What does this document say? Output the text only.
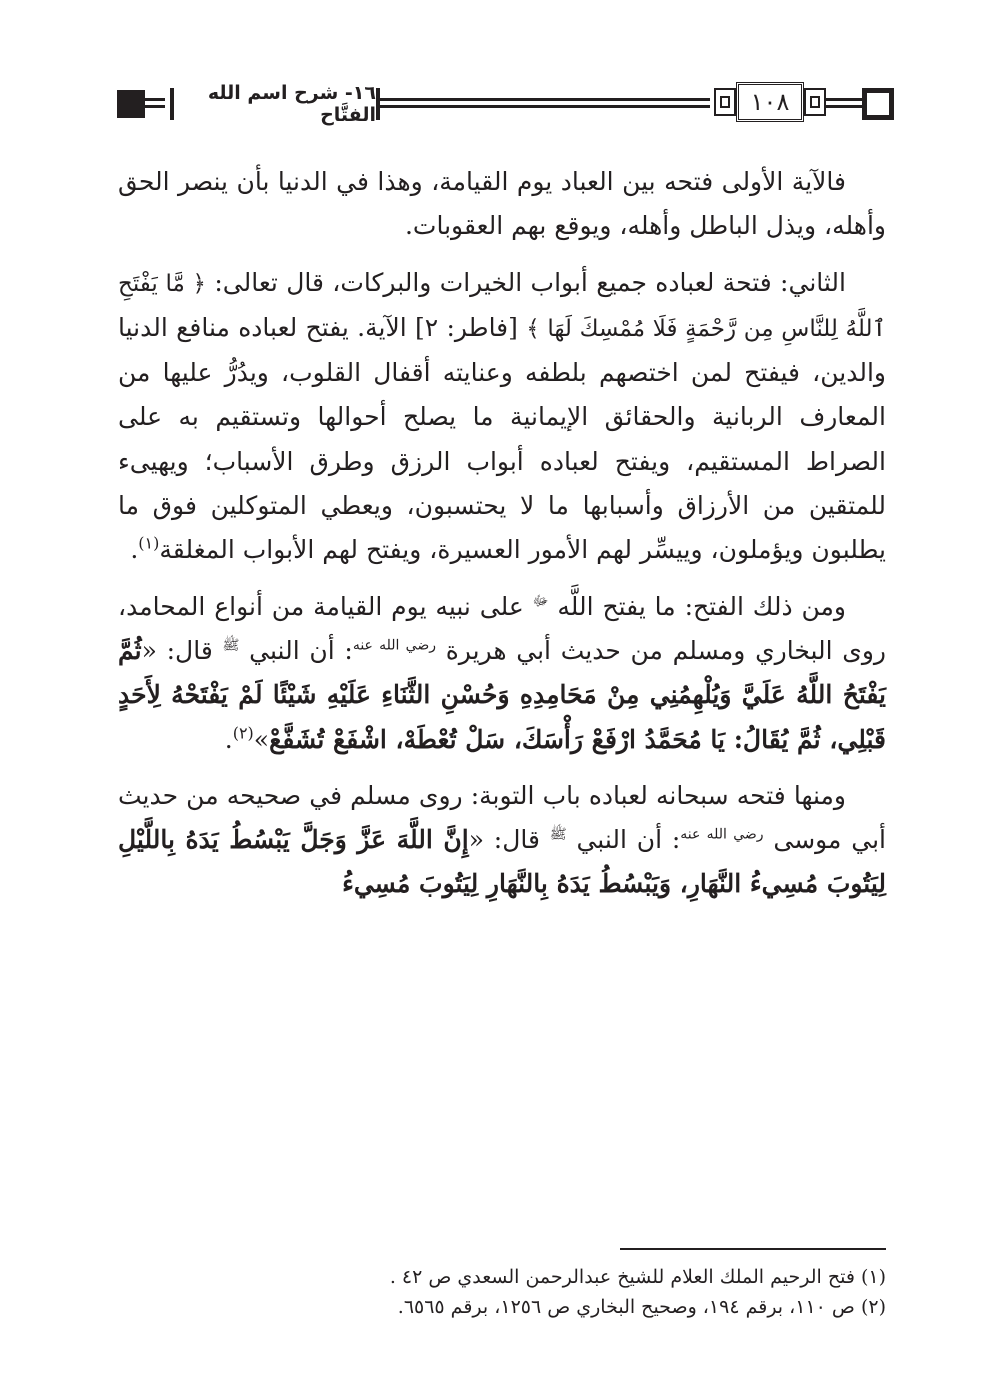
١٦- شرح اسم الله الفتَّاح	١٠٨

فالآية الأولى فتحه بين العباد يوم القيامة، وهذا في الدنيا بأن ينصر الحق وأهله، ويذل الباطل وأهله، ويوقع بهم العقوبات.

الثاني: فتحة لعباده جميع أبواب الخيرات والبركات، قال تعالى: ﴿ مَّا يَفْتَحِ ٱللَّهُ لِلنَّاسِ مِن رَّحْمَةٍ فَلَا مُمْسِكَ لَهَا ﴾ [فاطر: ٢] الآية. يفتح لعباده منافع الدنيا والدين، فيفتح لمن اختصهم بلطفه وعنايته أقفال القلوب، ويدُرُّ عليها من المعارف الربانية والحقائق الإيمانية ما يصلح أحوالها وتستقيم به على الصراط المستقيم، ويفتح لعباده أبواب الرزق وطرق الأسباب؛ ويهيىء للمتقين من الأرزاق وأسبابها ما لا يحتسبون، ويعطي المتوكلين فوق ما يطلبون ويؤملون، وييسِّر لهم الأمور العسيرة، ويفتح لهم الأبواب المغلقة$^{(١)}$.

ومن ذلك الفتح: ما يفتح اللَّه $^ﷻ$ على نبيه يوم القيامة من أنواع المحامد، روى البخاري ومسلم من حديث أبي هريرة $^{رضي الله عنه}$: أن النبي $^ﷺ$ قال: «ثُمَّ يَفْتَحُ اللَّهُ عَلَيَّ وَيُلْهِمُنِي مِنْ مَحَامِدِهِ وَحُسْنِ الثَّنَاءِ عَلَيْهِ شَيْئًا لَمْ يَفْتَحْهُ لِأَحَدٍ قَبْلِي، ثُمَّ يُقَالُ: يَا مُحَمَّدُ ارْفَعْ رَأْسَكَ، سَلْ تُعْطَهْ، اشْفَعْ تُشَفَّعْ»$^{(٢)}$.

ومنها فتحه سبحانه لعباده باب التوبة: روى مسلم في صحيحه من حديث أبي موسى $^{رضي الله عنه}$: أن النبي $^ﷺ$ قال: «إِنَّ اللَّهَ عَزَّ وَجَلَّ يَبْسُطُ يَدَهُ بِاللَّيْلِ لِيَتُوبَ مُسِيءُ النَّهَارِ، وَيَبْسُطُ يَدَهُ بِالنَّهَارِ لِيَتُوبَ مُسِيءُ

(١) فتح الرحيم الملك العلام للشيخ عبدالرحمن السعدي ص ٤٢ .

(٢) ص ١١٠، برقم ١٩٤، وصحيح البخاري ص ١٢٥٦، برقم ٦٥٦٥.
